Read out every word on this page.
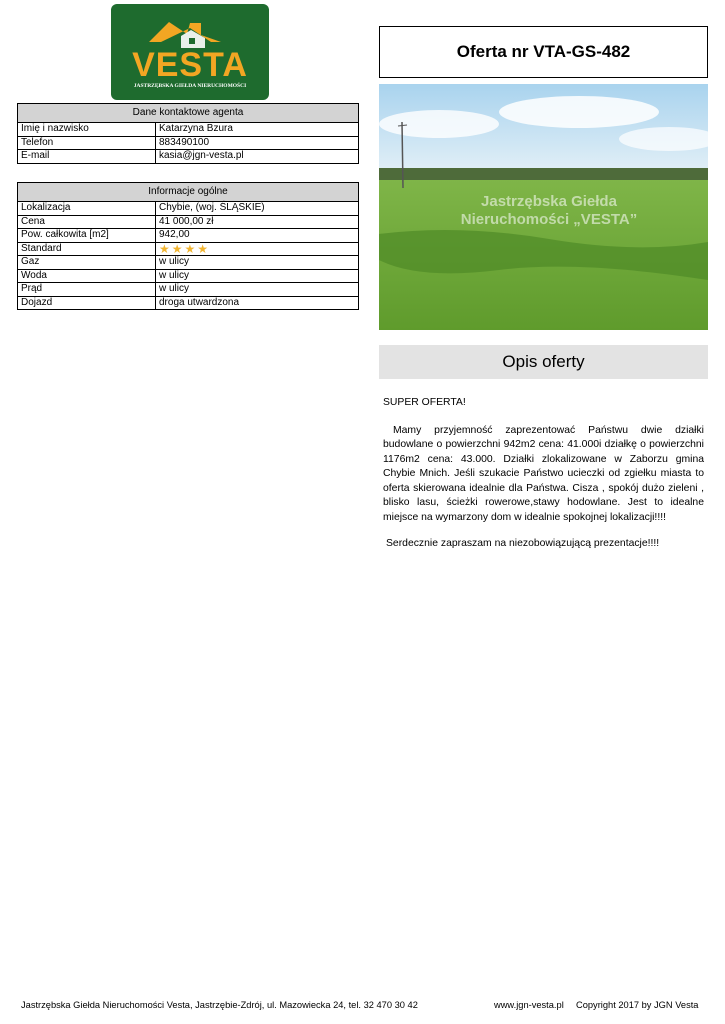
VESTA
JASTRZĘBSKA GIEŁDA NIERUCHOMOŚCI
Dane kontaktowe agenta	
Imię i nazwisko	Katarzyna Bzura
Telefon	883490100
E-mail	kasia@jgn-vesta.pl
Informacje ogólne	
Lokalizacja	Chybie, (woj. ŚLĄSKIE)
Cena	41 000,00 zł
Pow. całkowita [m2]	942,00
Standard	★ ★ ★ ★

Gaz	w ulicy
Woda	w ulicy
Prąd	w ulicy
Dojazd	droga utwardzona
Oferta nr VTA-GS-482
Jastrzębska Giełda
Nieruchomości „VESTA”
Opis oferty

SUPER OFERTA!

Mamy przyjemność zaprezentować Państwu dwie działki budowlane o powierzchni 942m2 cena: 41.000i działkę o powierzchni 1176m2 cena: 43.000. Działki zlokalizowane w Zaborzu gmina Chybie Mnich. Jeśli szukacie Państwo ucieczki od zgiełku miasta to oferta skierowana idealnie dla Państwa. Cisza , spokój dużo zieleni , blisko lasu, ścieżki rowerowe,stawy hodowlane. Jest to idealne miejsce na wymarzony dom w idealnie spokojnej lokalizacji!!!!

Serdecznie zapraszam na niezobowiązującą prezentacje!!!!

Jastrzębska Giełda Nieruchomości Vesta, Jastrzębie-Zdrój, ul. Mazowiecka 24, tel. 32 470 30 42	www.jgn-vesta.pl Copyright 2017 by JGN Vesta
